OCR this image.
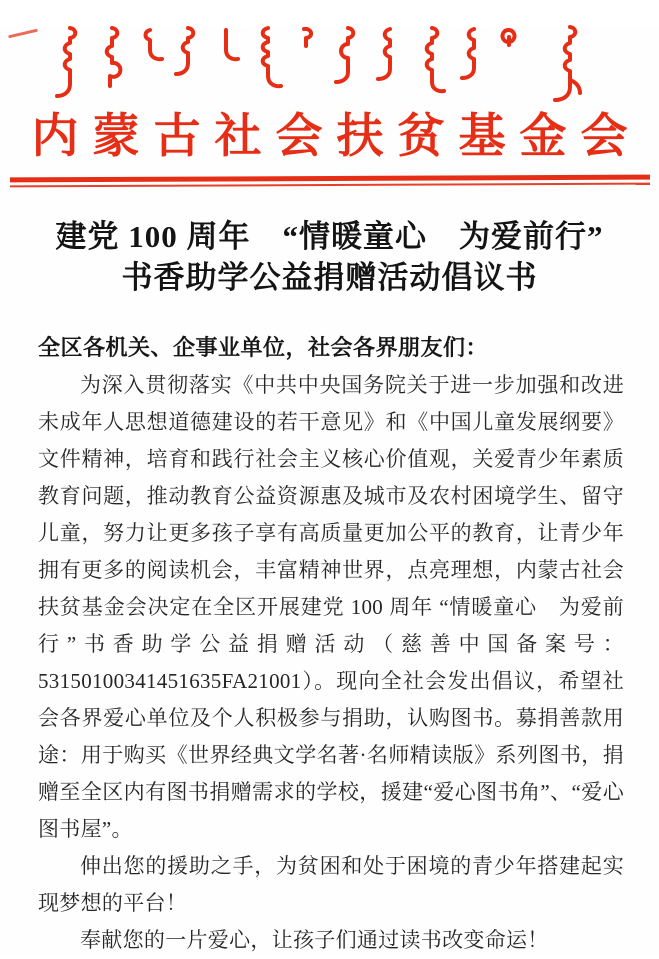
内蒙古社会扶贫基金会
建党 100 周年　“情暖童心　为爱前行”
书香助学公益捐赠活动倡议书

全区各机关、企事业单位，社会各界朋友们：

为深入贯彻落实《中共中央国务院关于进一步加强和改进未成年人思想道德建设的若干意见》和《中国儿童发展纲要》文件精神，培育和践行社会主义核心价值观，关爱青少年素质教育问题，推动教育公益资源惠及城市及农村困境学生、留守儿童，努力让更多孩子享有高质量更加公平的教育，让青少年拥有更多的阅读机会，丰富精神世界，点亮理想，内蒙古社会扶贫基金会决定在全区开展建党 100 周年 “情暖童心　为爱前行”书香助学公益捐赠活动（慈善中国备案号：53150100341451635FA21001）。现向全社会发出倡议，希望社会各界爱心单位及个人积极参与捐助，认购图书。募捐善款用途：用于购买《世界经典文学名著·名师精读版》系列图书，捐赠至全区内有图书捐赠需求的学校，援建“爱心图书角”、“爱心图书屋”。

伸出您的援助之手，为贫困和处于困境的青少年搭建起实现梦想的平台！

奉献您的一片爱心，让孩子们通过读书改变命运！
